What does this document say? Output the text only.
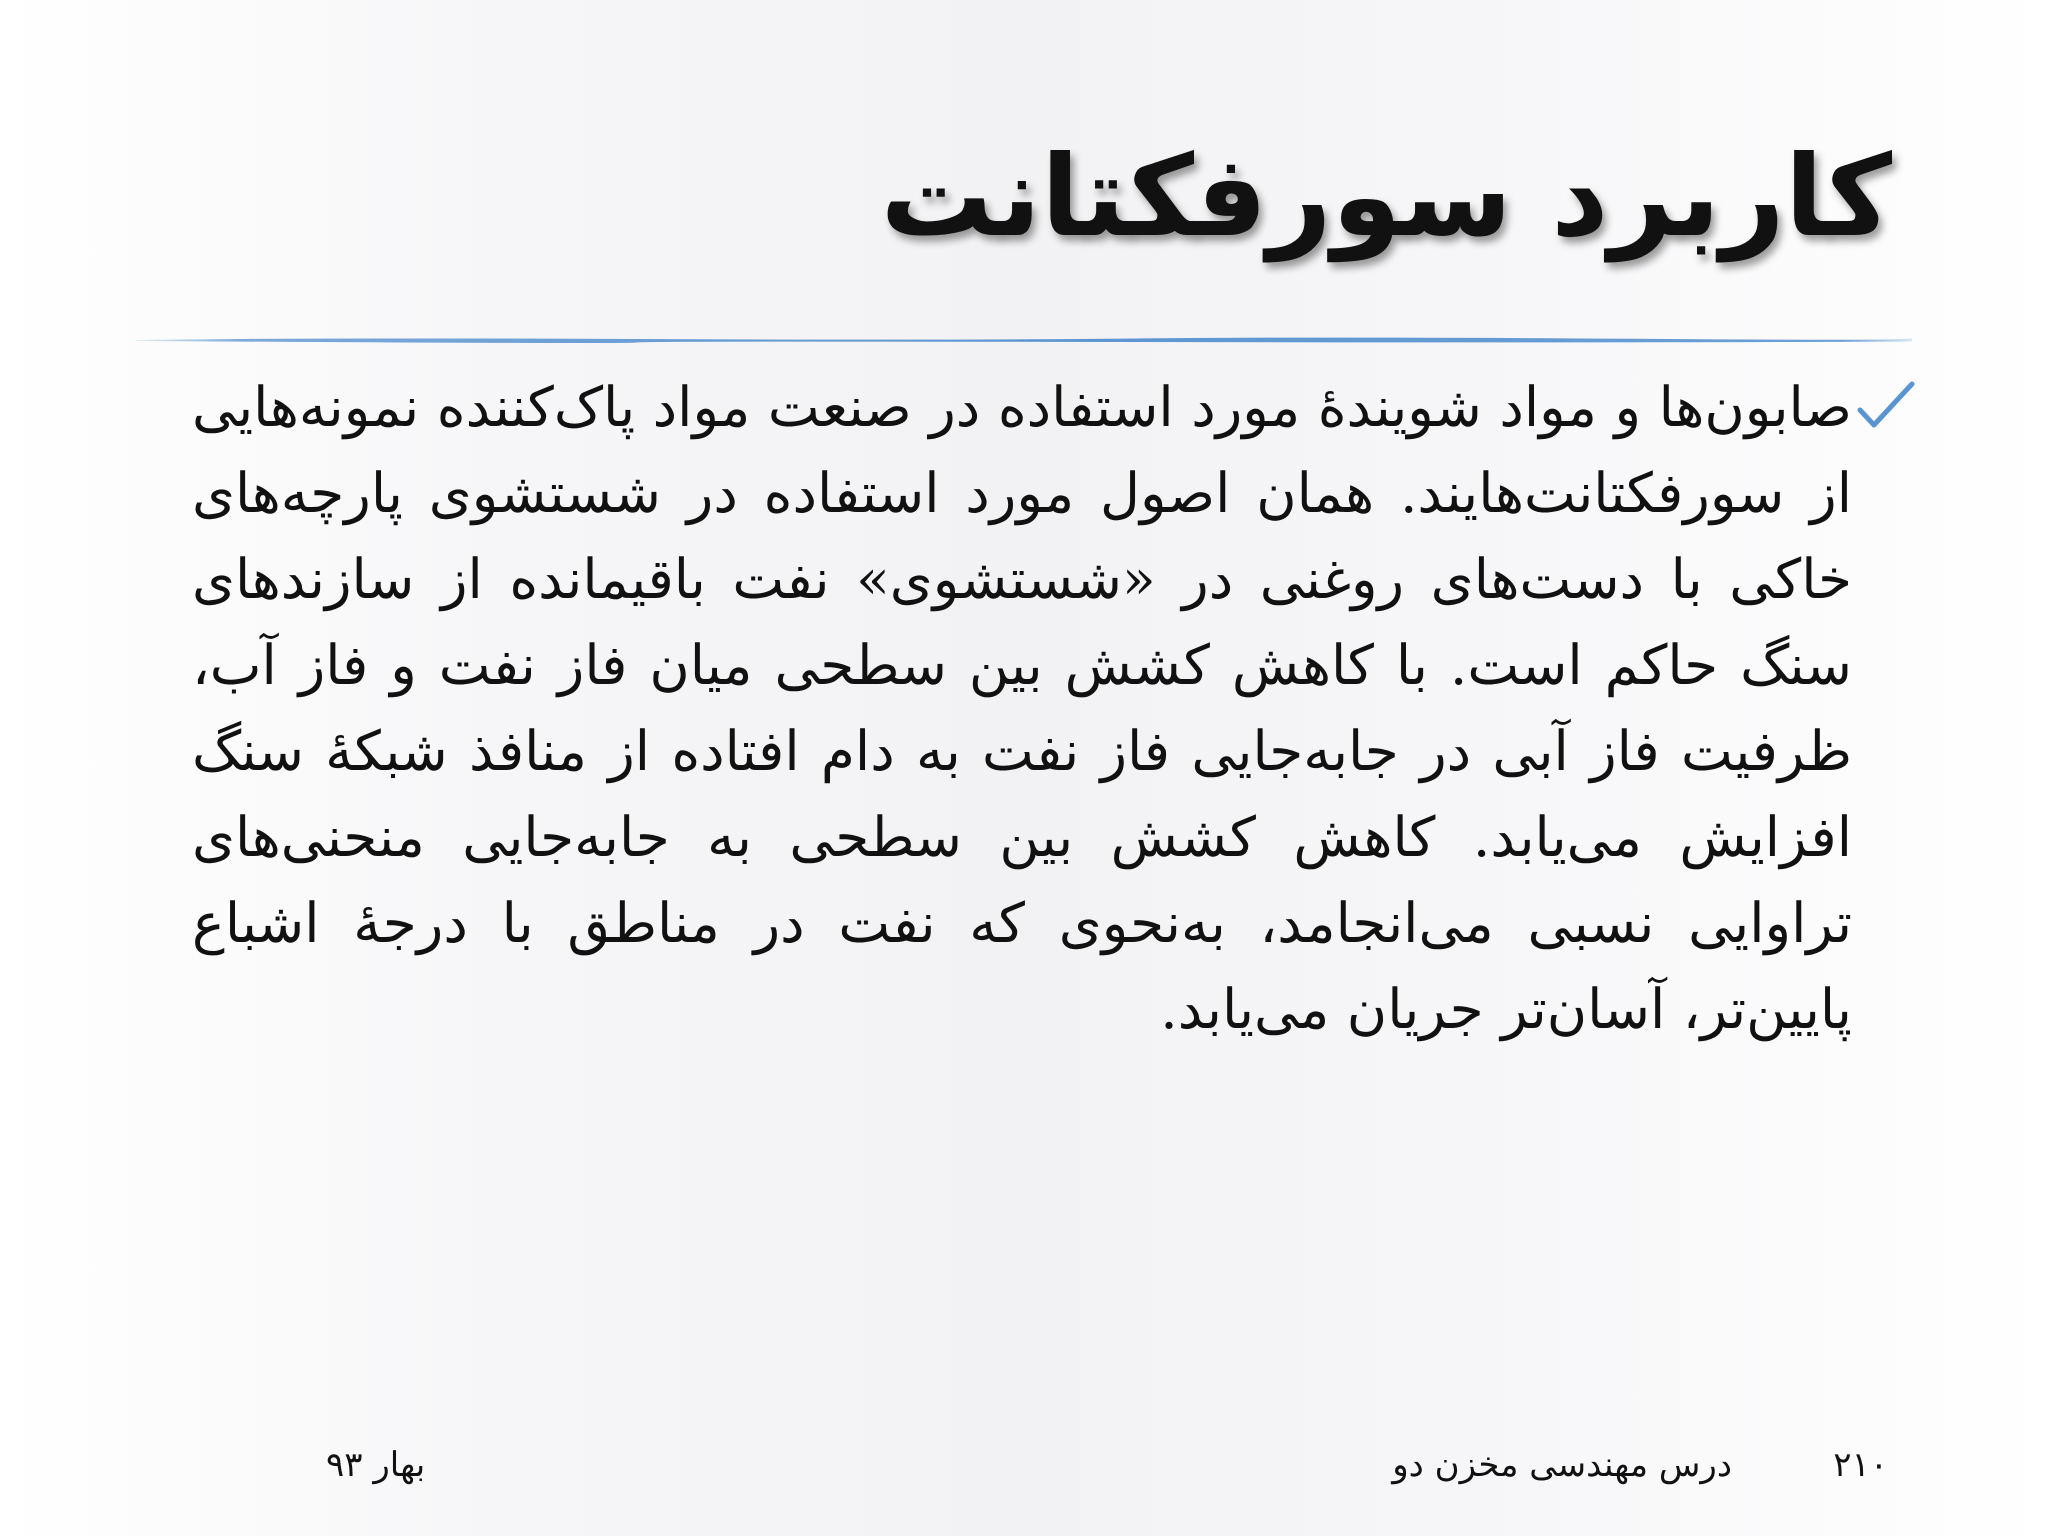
کاربرد سورفکتانت

صابون‌ها و مواد شویندۀ مورد استفاده در صنعت مواد پاک‌کننده نمونه‌هایی از سورفکتانت‌هایند. همان اصول مورد استفاده در شستشوی پارچه‌های خاکی با دست‌های روغنی در «شستشوی» نفت باقیمانده از سازندهای سنگ حاکم است. با کاهش کشش بین سطحی میان فاز نفت و فاز آب، ظرفیت فاز آبی در جابه‌جایی فاز نفت به دام افتاده از منافذ شبکۀ سنگ افزایش می‌یابد. کاهش کشش بین سطحی به جابه‌جایی منحنی‌های تراوایی نسبی می‌انجامد، به‌نحوی که نفت در مناطق با درجۀ اشباع پایین‌تر، آسان‌تر جریان می‌یابد.

۲۱۰
درس مهندسی مخزن دو
بهار ۹۳
